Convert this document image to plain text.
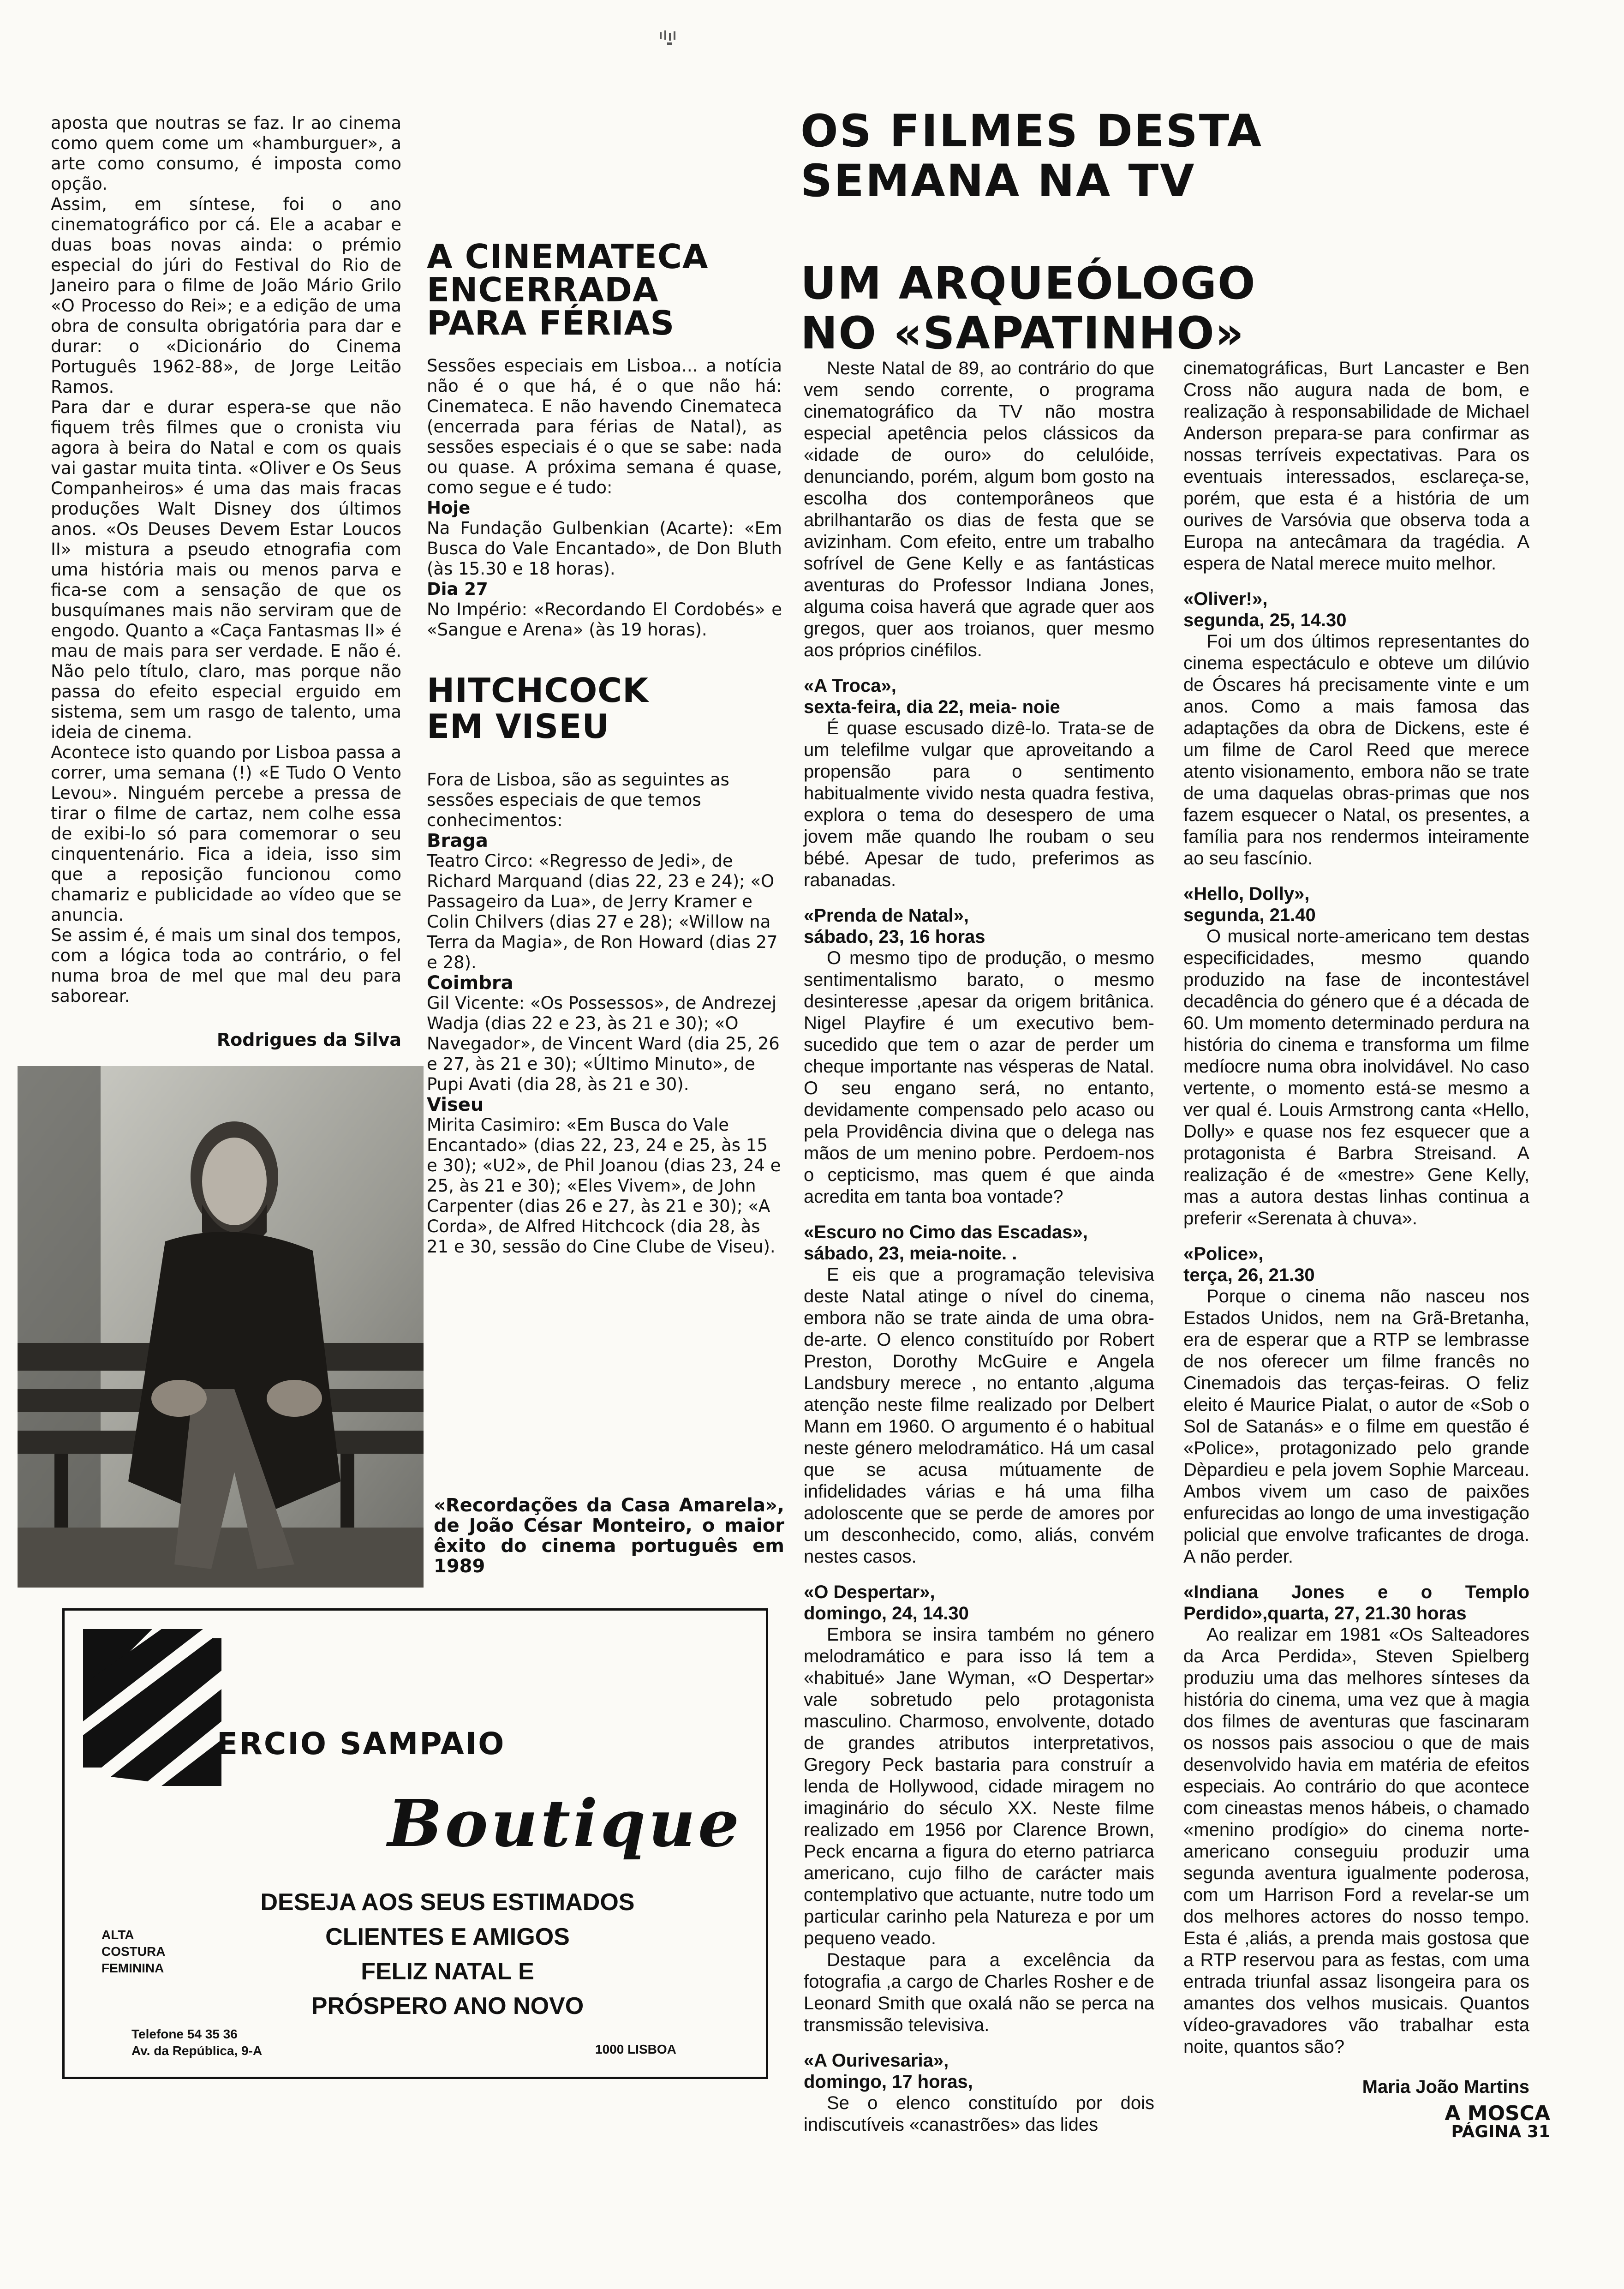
aposta que noutras se faz. Ir ao cinema como quem come um «hamburguer», a arte como consumo, é imposta como opção.

Assim, em síntese, foi o ano cinematográfico por cá. Ele a acabar e duas boas novas ainda: o prémio especial do júri do Festival do Rio de Janeiro para o filme de João Mário Grilo «O Processo do Rei»; e a edição de uma obra de consulta obrigatória para dar e durar: o «Dicionário do Cinema Português 1962-88», de Jorge Leitão Ramos.

Para dar e durar espera-se que não fiquem três filmes que o cronista viu agora à beira do Natal e com os quais vai gastar muita tinta. «Oliver e Os Seus Companheiros» é uma das mais fracas produções Walt Disney dos últimos anos. «Os Deuses Devem Estar Loucos II» mistura a pseudo etnografia com uma história mais ou menos parva e fica-se com a sensação de que os busquímanes mais não serviram que de engodo. Quanto a «Caça Fantasmas II» é mau de mais para ser verdade. E não é. Não pelo título, claro, mas porque não passa do efeito especial erguido em sistema, sem um rasgo de talento, uma ideia de cinema.

Acontece isto quando por Lisboa passa a correr, uma semana (!) «E Tudo O Vento Levou». Ninguém percebe a pressa de tirar o filme de cartaz, nem colhe essa de exibi-lo só para comemorar o seu cinquentenário. Fica a ideia, isso sim que a reposição funcionou como chamariz e publicidade ao vídeo que se anuncia.

Se assim é, é mais um sinal dos tempos, com a lógica toda ao contrário, o fel numa broa de mel que mal deu para saborear.

Rodrigues da Silva

«Recordações da Casa Amarela», de João César Monteiro, o maior êxito do cinema português em 1989

A CINEMATECA ENCERRADA PARA FÉRIAS

Sessões especiais em Lisboa... a notícia não é o que há, é o que não há: Cinemateca. E não havendo Cinemateca (encerrada para férias de Natal), as sessões especiais é o que se sabe: nada ou quase. A próxima semana é quase, como segue e é tudo:

Hoje

Na Fundação Gulbenkian (Acarte): «Em Busca do Vale Encantado», de Don Bluth (às 15.30 e 18 horas).

Dia 27

No Império: «Recordando El Cordobés» e «Sangue e Arena» (às 19 horas).

HITCHCOCK EM VISEU

Fora de Lisboa, são as seguintes as sessões especiais de que temos conhecimentos:

Braga

Teatro Circo: «Regresso de Jedi», de Richard Marquand (dias 22, 23 e 24); «O Passageiro da Lua», de Jerry Kramer e Colin Chilvers (dias 27 e 28); «Willow na Terra da Magia», de Ron Howard (dias 27 e 28).

Coimbra

Gil Vicente: «Os Possessos», de Andrezej Wadja (dias 22 e 23, às 21 e 30); «O Navegador», de Vincent Ward (dia 25, 26 e 27, às 21 e 30); «Último Minuto», de Pupi Avati (dia 28, às 21 e 30).

Viseu

Mirita Casimiro: «Em Busca do Vale Encantado» (dias 22, 23, 24 e 25, às 15 e 30); «U2», de Phil Joanou (dias 23, 24 e 25, às 21 e 30); «Eles Vivem», de John Carpenter (dias 26 e 27, às 21 e 30); «A Corda», de Alfred Hitchcock (dia 28, às 21 e 30, sessão do Cine Clube de Viseu).

OS FILMES DESTA SEMANA NA TV
UM ARQUEÓLOGO NO «SAPATINHO»

Neste Natal de 89, ao contrário do que vem sendo corrente, o programa cinematográfico da TV não mostra especial apetência pelos clássicos da «idade de ouro» do celulóide, denunciando, porém, algum bom gosto na escolha dos contemporâneos que abrilhantarão os dias de festa que se avizinham. Com efeito, entre um trabalho sofrível de Gene Kelly e as fantásticas aventuras do Professor Indiana Jones, alguma coisa haverá que agrade quer aos gregos, quer aos troianos, quer mesmo aos próprios cinéfilos.

«A Troca»,

sexta-feira, dia 22, meia- noie

É quase escusado dizê-lo. Trata-se de um telefilme vulgar que aproveitando a propensão para o sentimento habitualmente vivido nesta quadra festiva, explora o tema do desespero de uma jovem mãe quando lhe roubam o seu bébé. Apesar de tudo, preferimos as rabanadas.

«Prenda de Natal»,

sábado, 23, 16 horas

O mesmo tipo de produção, o mesmo sentimentalismo barato, o mesmo desinteresse ,apesar da origem britânica. Nigel Playfire é um executivo bem-sucedido que tem o azar de perder um cheque importante nas vésperas de Natal. O seu engano será, no entanto, devidamente compensado pelo acaso ou pela Providência divina que o delega nas mãos de um menino pobre. Perdoem-nos o cepticismo, mas quem é que ainda acredita em tanta boa vontade?

«Escuro no Cimo das Escadas»,

sábado, 23, meia-noite. .

E eis que a programação televisiva deste Natal atinge o nível do cinema, embora não se trate ainda de uma obra-de-arte. O elenco constituído por Robert Preston, Dorothy McGuire e Angela Landsbury merece , no entanto ,alguma atenção neste filme realizado por Delbert Mann em 1960. O argumento é o habitual neste género melodramático. Há um casal que se acusa mútuamente de infidelidades várias e há uma filha adoloscente que se perde de amores por um desconhecido, como, aliás, convém nestes casos.

«O Despertar»,

domingo, 24, 14.30

Embora se insira também no género melodramático e para isso lá tem a «habitué» Jane Wyman, «O Despertar» vale sobretudo pelo protagonista masculino. Charmoso, envolvente, dotado de grandes atributos interpretativos, Gregory Peck bastaria para construír a lenda de Hollywood, cidade miragem no imaginário do século XX. Neste filme realizado em 1956 por Clarence Brown, Peck encarna a figura do eterno patriarca americano, cujo filho de carácter mais contemplativo que actuante, nutre todo um particular carinho pela Natureza e por um pequeno veado.

Destaque para a excelência da fotografia ,a cargo de Charles Rosher e de Leonard Smith que oxalá não se perca na transmissão televisiva.

«A Ourivesaria»,

domingo, 17 horas,

Se o elenco constituído por dois indiscutíveis «canastrões» das lides

cinematográficas, Burt Lancaster e Ben Cross não augura nada de bom, e realização à responsabilidade de Michael Anderson prepara-se para confirmar as nossas terríveis expectativas. Para os eventuais interessados, esclareça-se, porém, que esta é a história de um ourives de Varsóvia que observa toda a Europa na antecâmara da tragédia. A espera de Natal merece muito melhor.

«Oliver!»,

segunda, 25, 14.30

Foi um dos últimos representantes do cinema espectáculo e obteve um dilúvio de Óscares há precisamente vinte e um anos. Como a mais famosa das adaptações da obra de Dickens, este é um filme de Carol Reed que merece atento visionamento, embora não se trate de uma daquelas obras-primas que nos fazem esquecer o Natal, os presentes, a família para nos rendermos inteiramente ao seu fascínio.

«Hello, Dolly»,

segunda, 21.40

O musical norte-americano tem destas especificidades, mesmo quando produzido na fase de incontestável decadência do género que é a década de 60. Um momento determinado perdura na história do cinema e transforma um filme medíocre numa obra inolvidável. No caso vertente, o momento está-se mesmo a ver qual é. Louis Armstrong canta «Hello, Dolly» e quase nos fez esquecer que a protagonista é Barbra Streisand. A realização é de «mestre» Gene Kelly, mas a autora destas linhas continua a preferir «Serenata à chuva».

«Police»,

terça, 26, 21.30

Porque o cinema não nasceu nos Estados Unidos, nem na Grã-Bretanha, era de esperar que a RTP se lembrasse de nos oferecer um filme francês no Cinemadois das terças-feiras. O feliz eleito é Maurice Pialat, o autor de «Sob o Sol de Satanás» e o filme em questão é «Police», protagonizado pelo grande Dèpardieu e pela jovem Sophie Marceau. Ambos vivem um caso de paixões enfurecidas ao longo de uma investigação policial que envolve traficantes de droga. A não perder.

«Indiana Jones e o Templo Perdido»,quarta, 27, 21.30 horas

Ao realizar em 1981 «Os Salteadores da Arca Perdida», Steven Spielberg produziu uma das melhores sínteses da história do cinema, uma vez que à magia dos filmes de aventuras que fascinaram os nossos pais associou o que de mais desenvolvido havia em matéria de efeitos especiais. Ao contrário do que acontece com cineastas menos hábeis, o chamado «menino prodígio» do cinema norte-americano conseguiu produzir uma segunda aventura igualmente poderosa, com um Harrison Ford a revelar-se um dos melhores actores do nosso tempo. Esta é ,aliás, a prenda mais gostosa que a RTP reservou para as festas, com uma entrada triunfal assaz lisongeira para os amantes dos velhos musicais. Quantos vídeo-gravadores vão trabalhar esta noite, quantos são?

Maria João Martins

ERCIO SAMPAIO
Boutique
DESEJA AOS SEUS ESTIMADOS
CLIENTES E AMIGOS
FELIZ NATAL E
PRÓSPERO ANO NOVO
ALTA
COSTURA
FEMININA
Telefone 54 35 36
Av. da República, 9-A	1000 LISBOA
A MOSCA
PÁGINA 31
